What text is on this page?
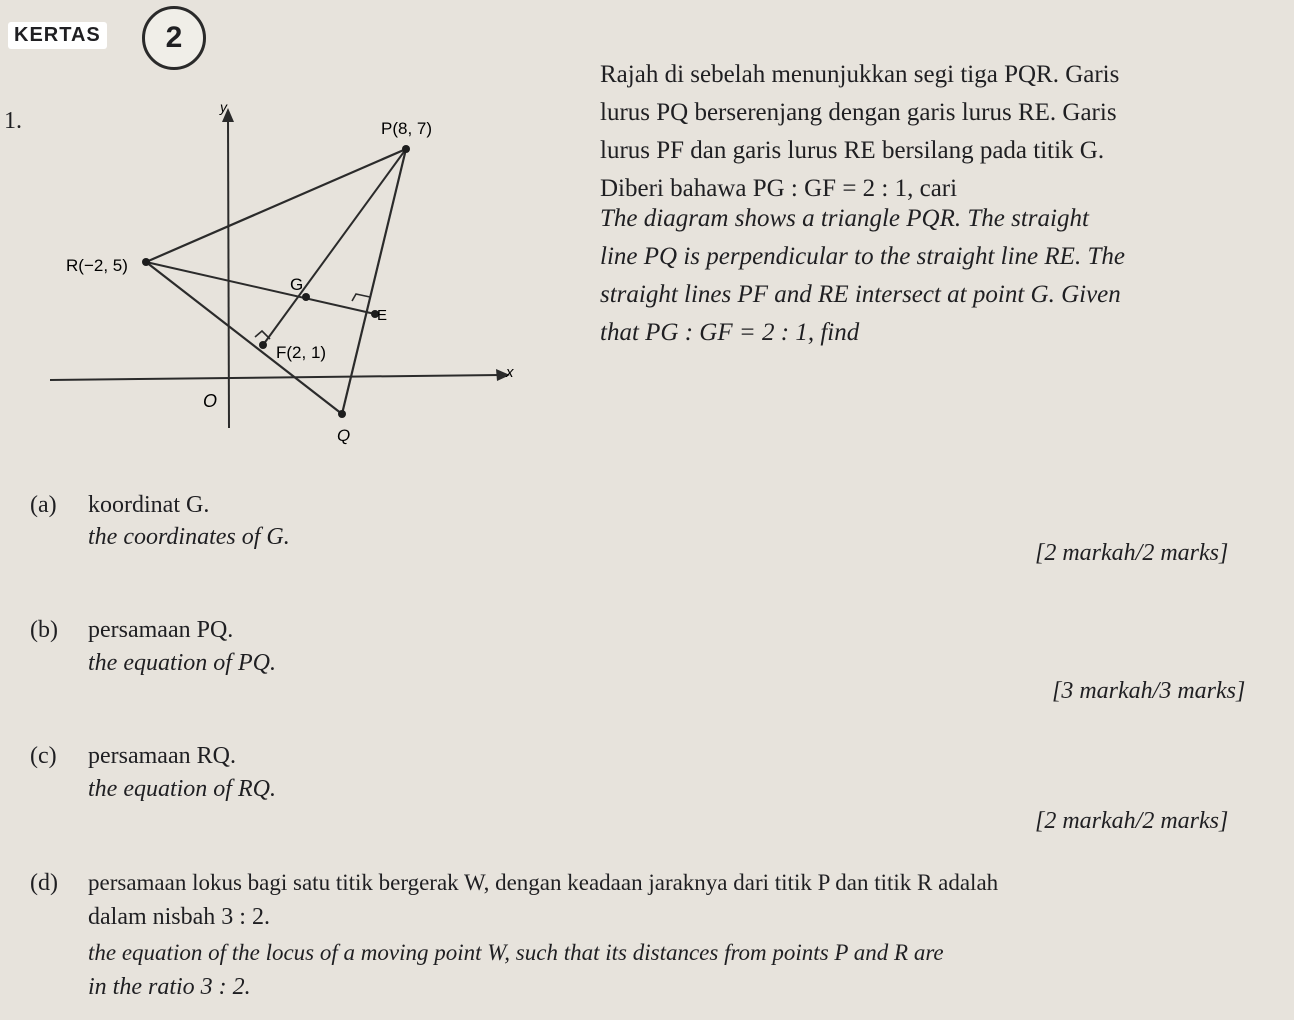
KERTAS	2
1.
y
x
O
P(8, 7)
R(−2, 5)
G
E
F(2, 1)
Q
Rajah di sebelah menunjukkan segi tiga PQR. Garis
lurus PQ berserenjang dengan garis lurus RE. Garis
lurus PF dan garis lurus RE bersilang pada titik G.
Diberi bahawa PG : GF = 2 : 1, cari
The diagram shows a triangle PQR. The straight
line PQ is perpendicular to the straight line RE. The
straight lines PF and RE intersect at point G. Given
that PG : GF = 2 : 1, find
(a) koordinat G.
the coordinates of G.
[2 markah/2 marks]
(b) persamaan PQ.
the equation of PQ.
[3 markah/3 marks]
(c) persamaan RQ.
the equation of RQ.
[2 markah/2 marks]
(d) persamaan lokus bagi satu titik bergerak W, dengan keadaan jaraknya dari titik P dan titik R adalah
dalam nisbah 3 : 2.
the equation of the locus of a moving point W, such that its distances from points P and R are
in the ratio 3 : 2.
